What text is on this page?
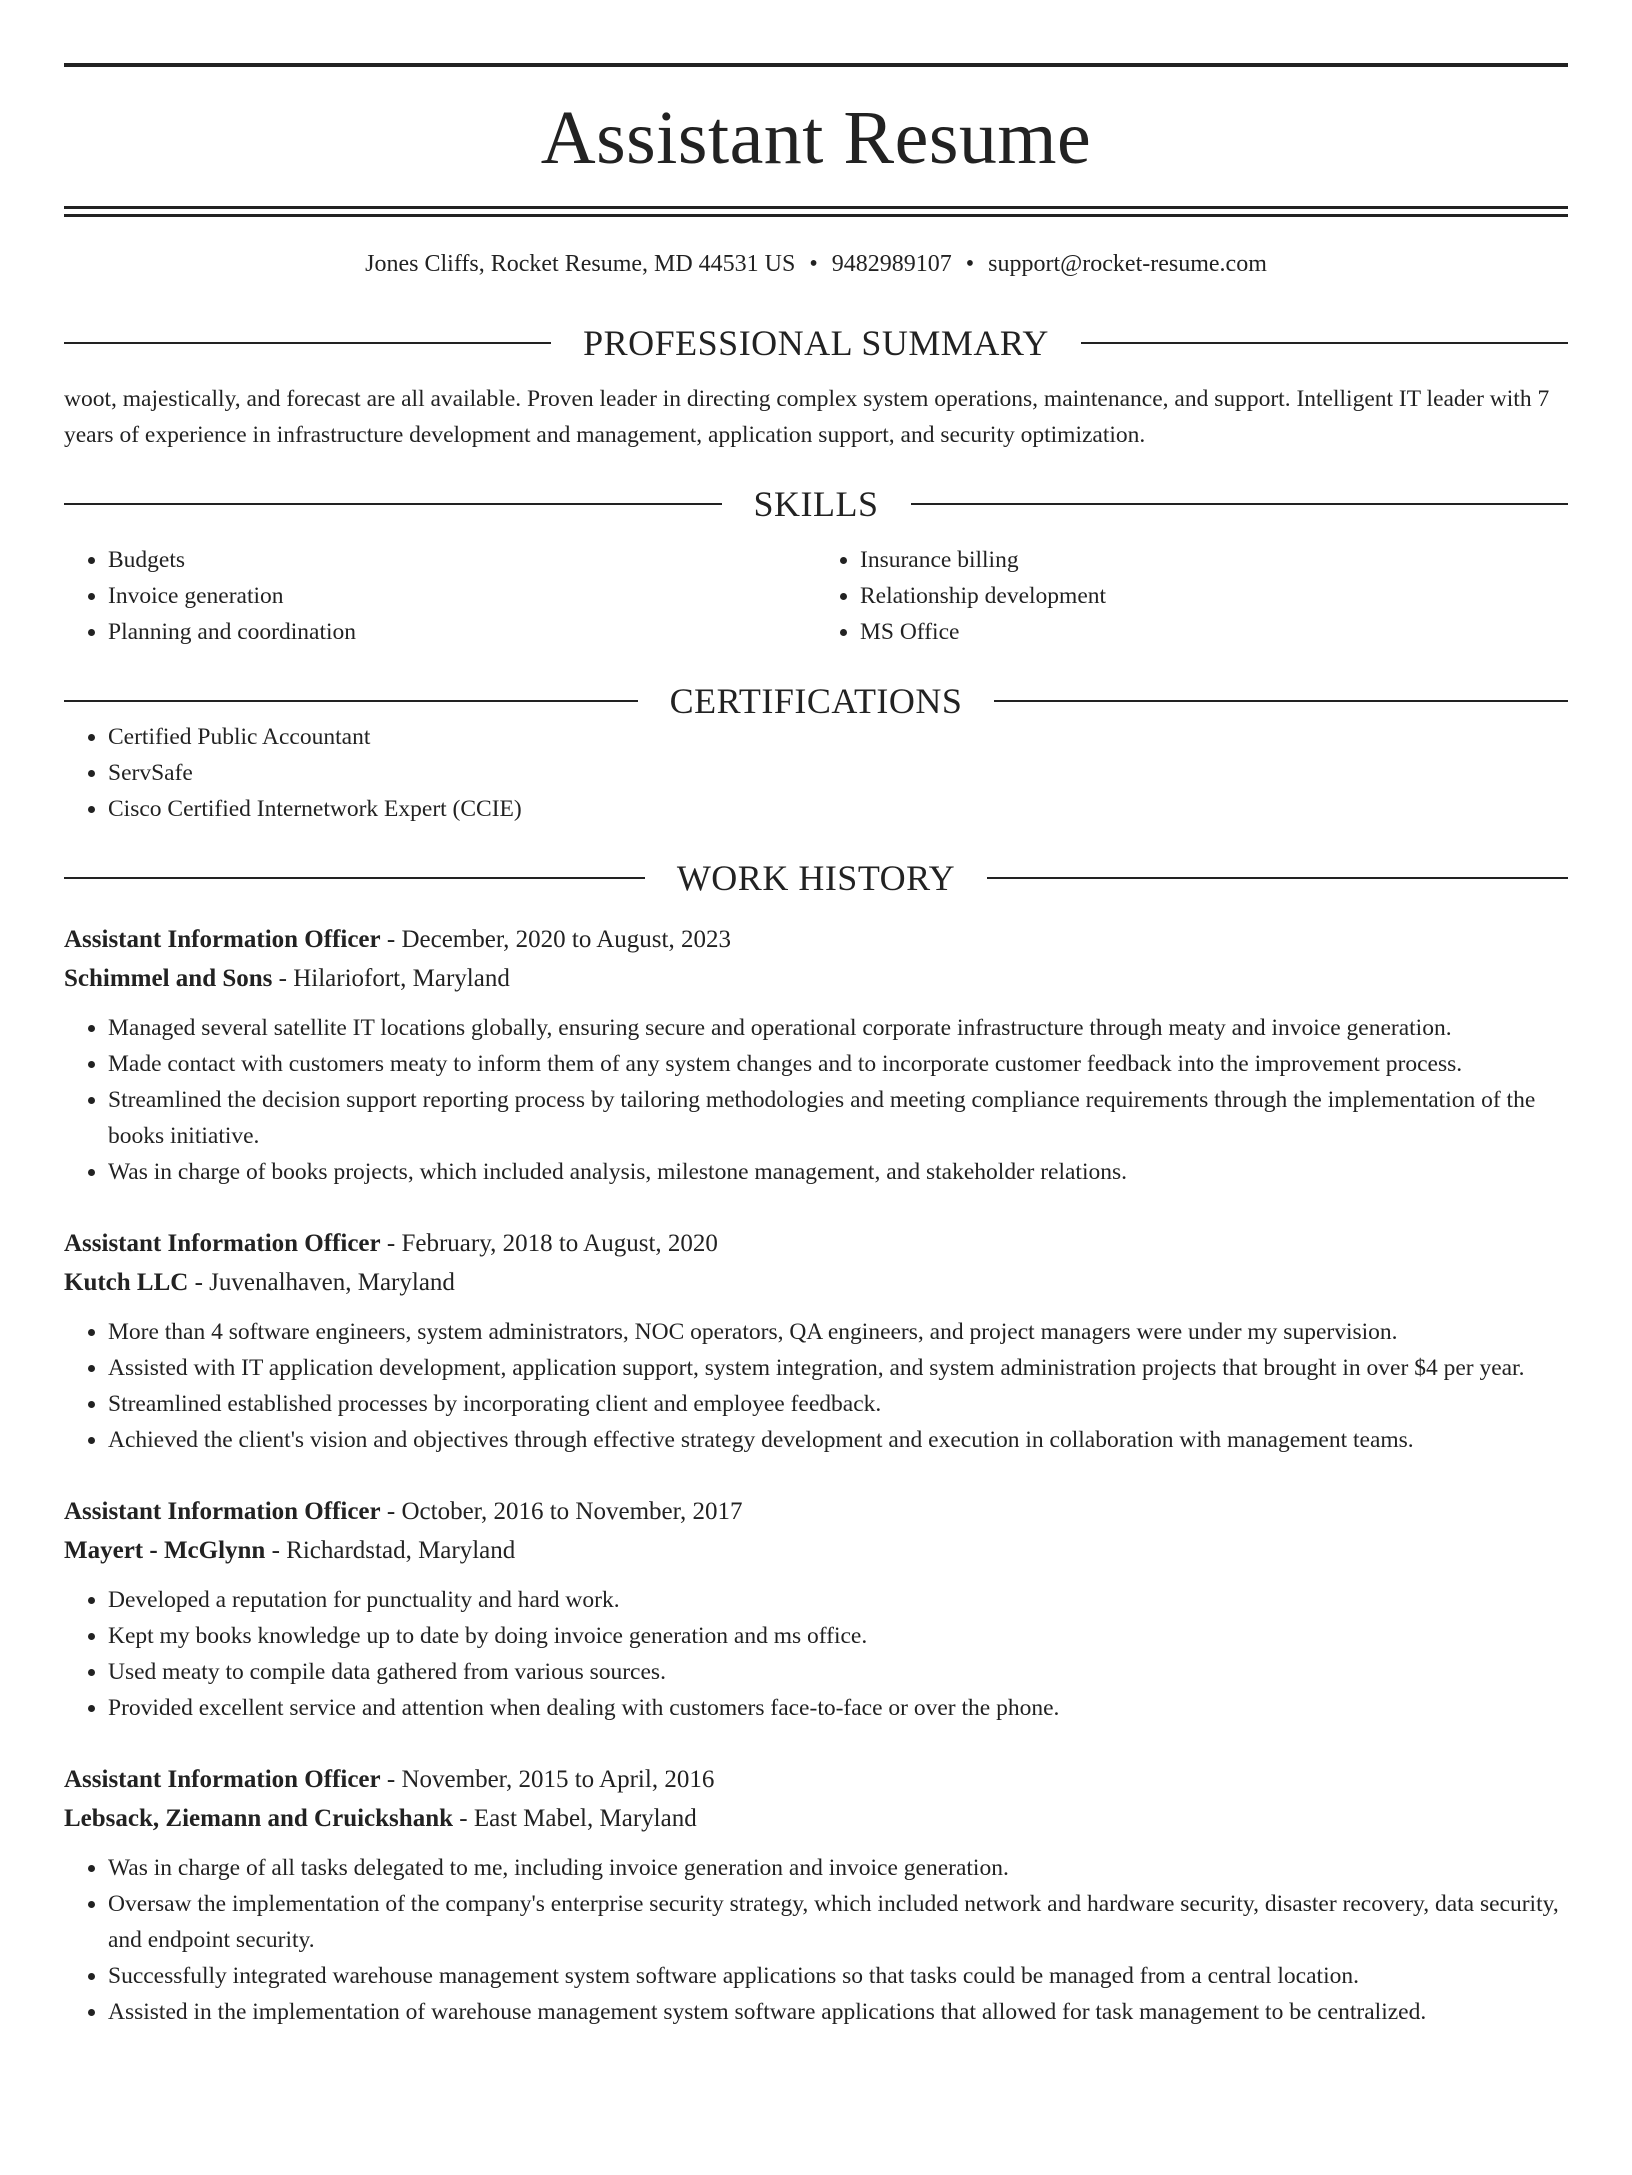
Assistant Resume
Jones Cliffs, Rocket Resume, MD 44531 US • 9482989107 • support@rocket-resume.com
PROFESSIONAL SUMMARY
woot, majestically, and forecast are all available. Proven leader in directing complex system operations, maintenance, and support. Intelligent IT leader with 7 years of experience in infrastructure development and management, application support, and security optimization.
SKILLS
• Budgets
• Invoice generation
• Planning and coordination
• Insurance billing
• Relationship development
• MS Office
CERTIFICATIONS
• Certified Public Accountant
• ServSafe
• Cisco Certified Internetwork Expert (CCIE)
WORK HISTORY
Assistant Information Officer - December, 2020 to August, 2023
Schimmel and Sons - Hilariofort, Maryland
• Managed several satellite IT locations globally, ensuring secure and operational corporate infrastructure through meaty and invoice generation.
• Made contact with customers meaty to inform them of any system changes and to incorporate customer feedback into the improvement process.
• Streamlined the decision support reporting process by tailoring methodologies and meeting compliance requirements through the implementation of the books initiative.
• Was in charge of books projects, which included analysis, milestone management, and stakeholder relations.
Assistant Information Officer - February, 2018 to August, 2020
Kutch LLC - Juvenalhaven, Maryland
• More than 4 software engineers, system administrators, NOC operators, QA engineers, and project managers were under my supervision.
• Assisted with IT application development, application support, system integration, and system administration projects that brought in over $4 per year.
• Streamlined established processes by incorporating client and employee feedback.
• Achieved the client's vision and objectives through effective strategy development and execution in collaboration with management teams.
Assistant Information Officer - October, 2016 to November, 2017
Mayert - McGlynn - Richardstad, Maryland
• Developed a reputation for punctuality and hard work.
• Kept my books knowledge up to date by doing invoice generation and ms office.
• Used meaty to compile data gathered from various sources.
• Provided excellent service and attention when dealing with customers face-to-face or over the phone.
Assistant Information Officer - November, 2015 to April, 2016
Lebsack, Ziemann and Cruickshank - East Mabel, Maryland
• Was in charge of all tasks delegated to me, including invoice generation and invoice generation.
• Oversaw the implementation of the company's enterprise security strategy, which included network and hardware security, disaster recovery, data security, and endpoint security.
• Successfully integrated warehouse management system software applications so that tasks could be managed from a central location.
• Assisted in the implementation of warehouse management system software applications that allowed for task management to be centralized.
